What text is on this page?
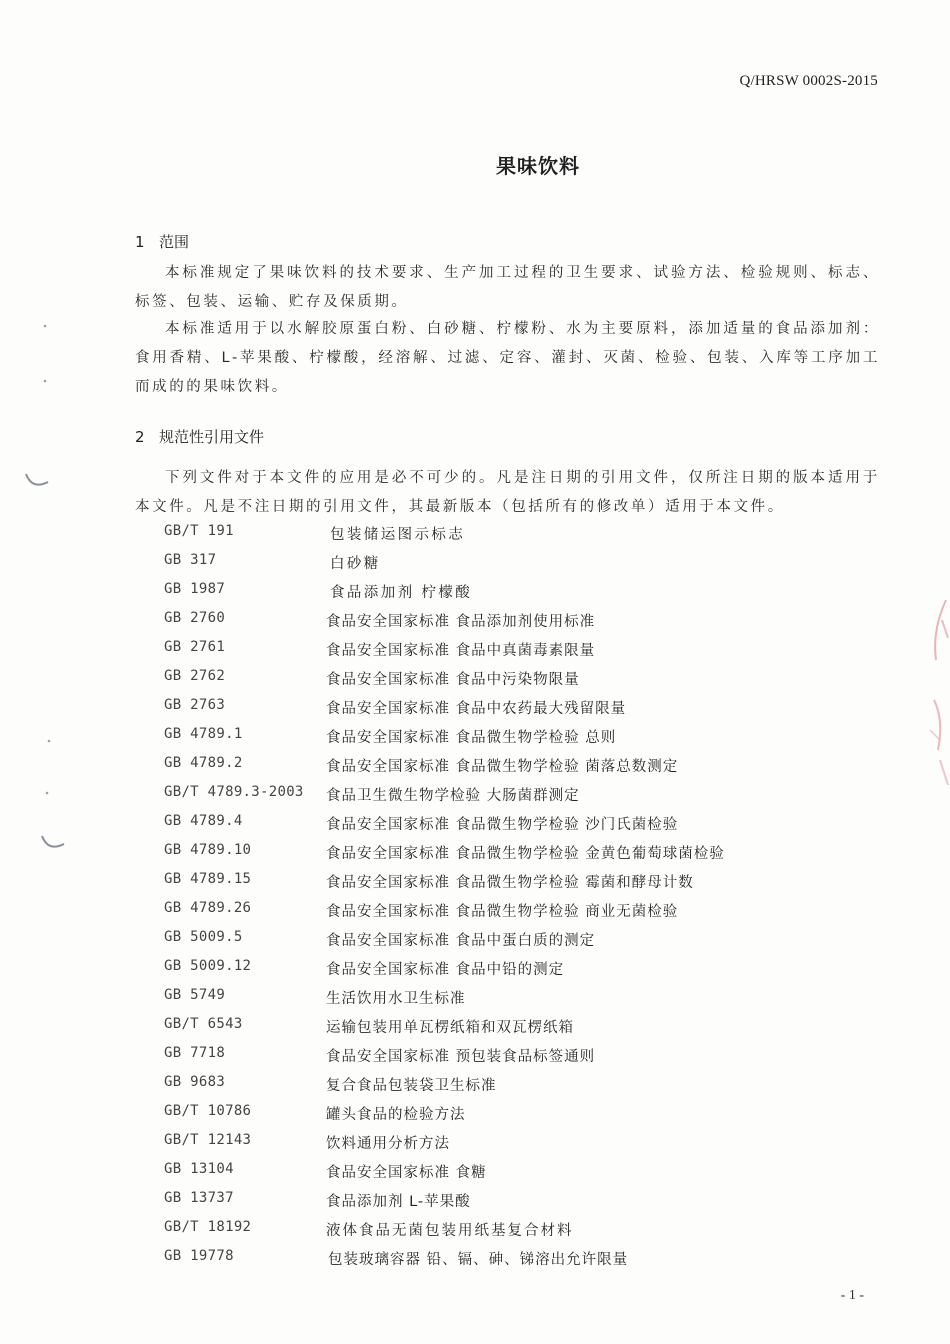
Q/HRSW 0002S-2015
果味饮料
1 范围
本标准规定了果味饮料的技术要求、生产加工过程的卫生要求、试验方法、检验规则、标志、标签、包装、运输、贮存及保质期。
本标准适用于以水解胶原蛋白粉、白砂糖、柠檬粉、水为主要原料，添加适量的食品添加剂：食用香精、L-苹果酸、柠檬酸，经溶解、过滤、定容、灌封、灭菌、检验、包装、入库等工序加工而成的的果味饮料。
2 规范性引用文件
下列文件对于本文件的应用是必不可少的。凡是注日期的引用文件，仅所注日期的版本适用于本文件。凡是不注日期的引用文件，其最新版本（包括所有的修改单）适用于本文件。
GB/T 191	包装储运图示标志
GB 317	白砂糖
GB 1987	食品添加剂 柠檬酸
GB 2760	食品安全国家标准 食品添加剂使用标准
GB 2761	食品安全国家标准 食品中真菌毒素限量
GB 2762	食品安全国家标准 食品中污染物限量
GB 2763	食品安全国家标准 食品中农药最大残留限量
GB 4789.1	食品安全国家标准 食品微生物学检验 总则
GB 4789.2	食品安全国家标准 食品微生物学检验 菌落总数测定
GB/T 4789.3-2003 食品卫生微生物学检验 大肠菌群测定
GB 4789.4	食品安全国家标准 食品微生物学检验 沙门氏菌检验
GB 4789.10	食品安全国家标准 食品微生物学检验 金黄色葡萄球菌检验
GB 4789.15	食品安全国家标准 食品微生物学检验 霉菌和酵母计数
GB 4789.26	食品安全国家标准 食品微生物学检验 商业无菌检验
GB 5009.5	食品安全国家标准 食品中蛋白质的测定
GB 5009.12	食品安全国家标准 食品中铅的测定
GB 5749	生活饮用水卫生标准
GB/T 6543	运输包装用单瓦楞纸箱和双瓦楞纸箱
GB 7718	食品安全国家标准 预包装食品标签通则
GB 9683	复合食品包装袋卫生标准
GB/T 10786	罐头食品的检验方法
GB/T 12143	饮料通用分析方法
GB 13104	食品安全国家标准 食糖
GB 13737	食品添加剂 L-苹果酸
GB/T 18192	液体食品无菌包装用纸基复合材料
GB 19778	包装玻璃容器 铅、镉、砷、锑溶出允许限量
- 1 -
